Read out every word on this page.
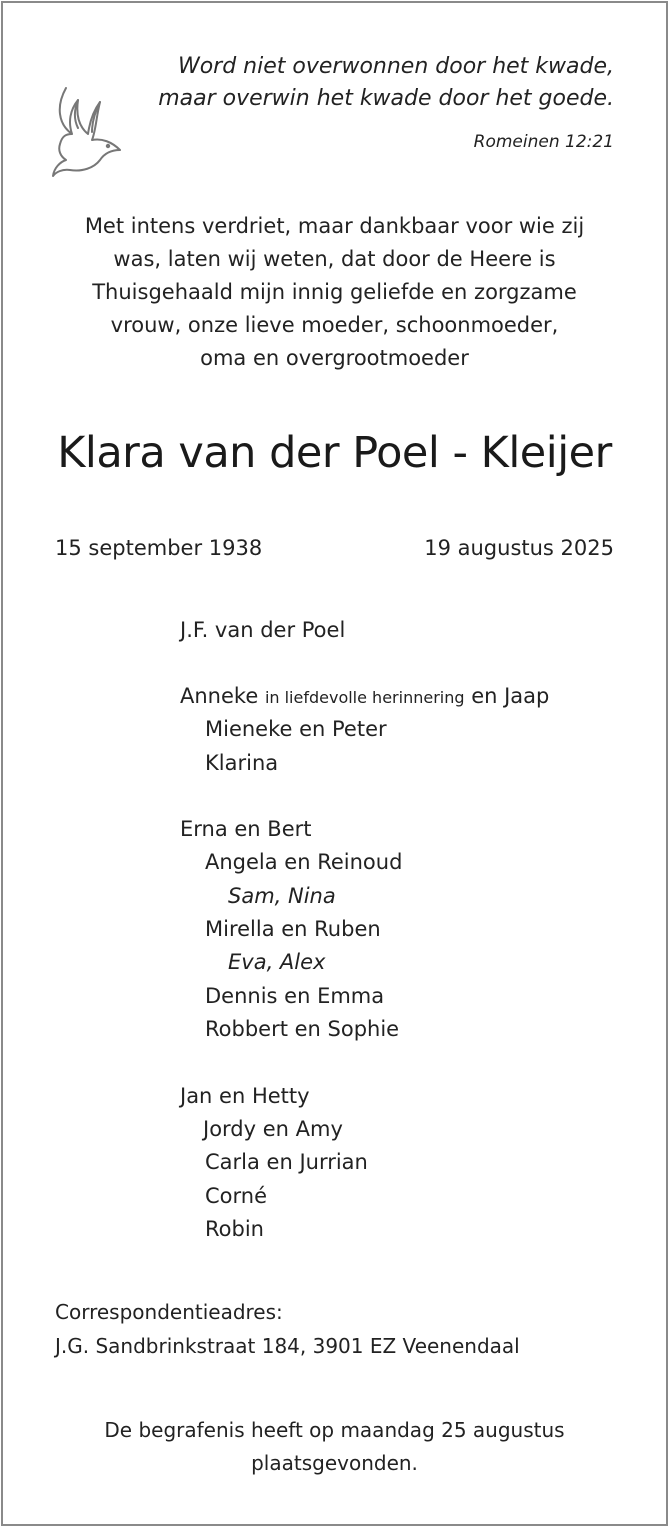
Word niet overwonnen door het kwade,
maar overwin het kwade door het goede.
Romeinen 12:21
Met intens verdriet, maar dankbaar voor wie zij
was, laten wij weten, dat door de Heere is
Thuisgehaald mijn innig geliefde en zorgzame
vrouw, onze lieve moeder, schoonmoeder,
oma en overgrootmoeder
Klara van der Poel - Kleijer
15 september 1938	19 augustus 2025
J.F. van der Poel
Anneke in liefdevolle herinnering en Jaap
Mieneke en Peter
Klarina
Erna en Bert
Angela en Reinoud
Sam, Nina
Mirella en Ruben
Eva, Alex
Dennis en Emma
Robbert en Sophie
Jan en Hetty
Jordy en Amy
Carla en Jurrian
Corné
Robin
Correspondentieadres:
J.G. Sandbrinkstraat 184, 3901 EZ Veenendaal
De begrafenis heeft op maandag 25 augustus
plaatsgevonden.
